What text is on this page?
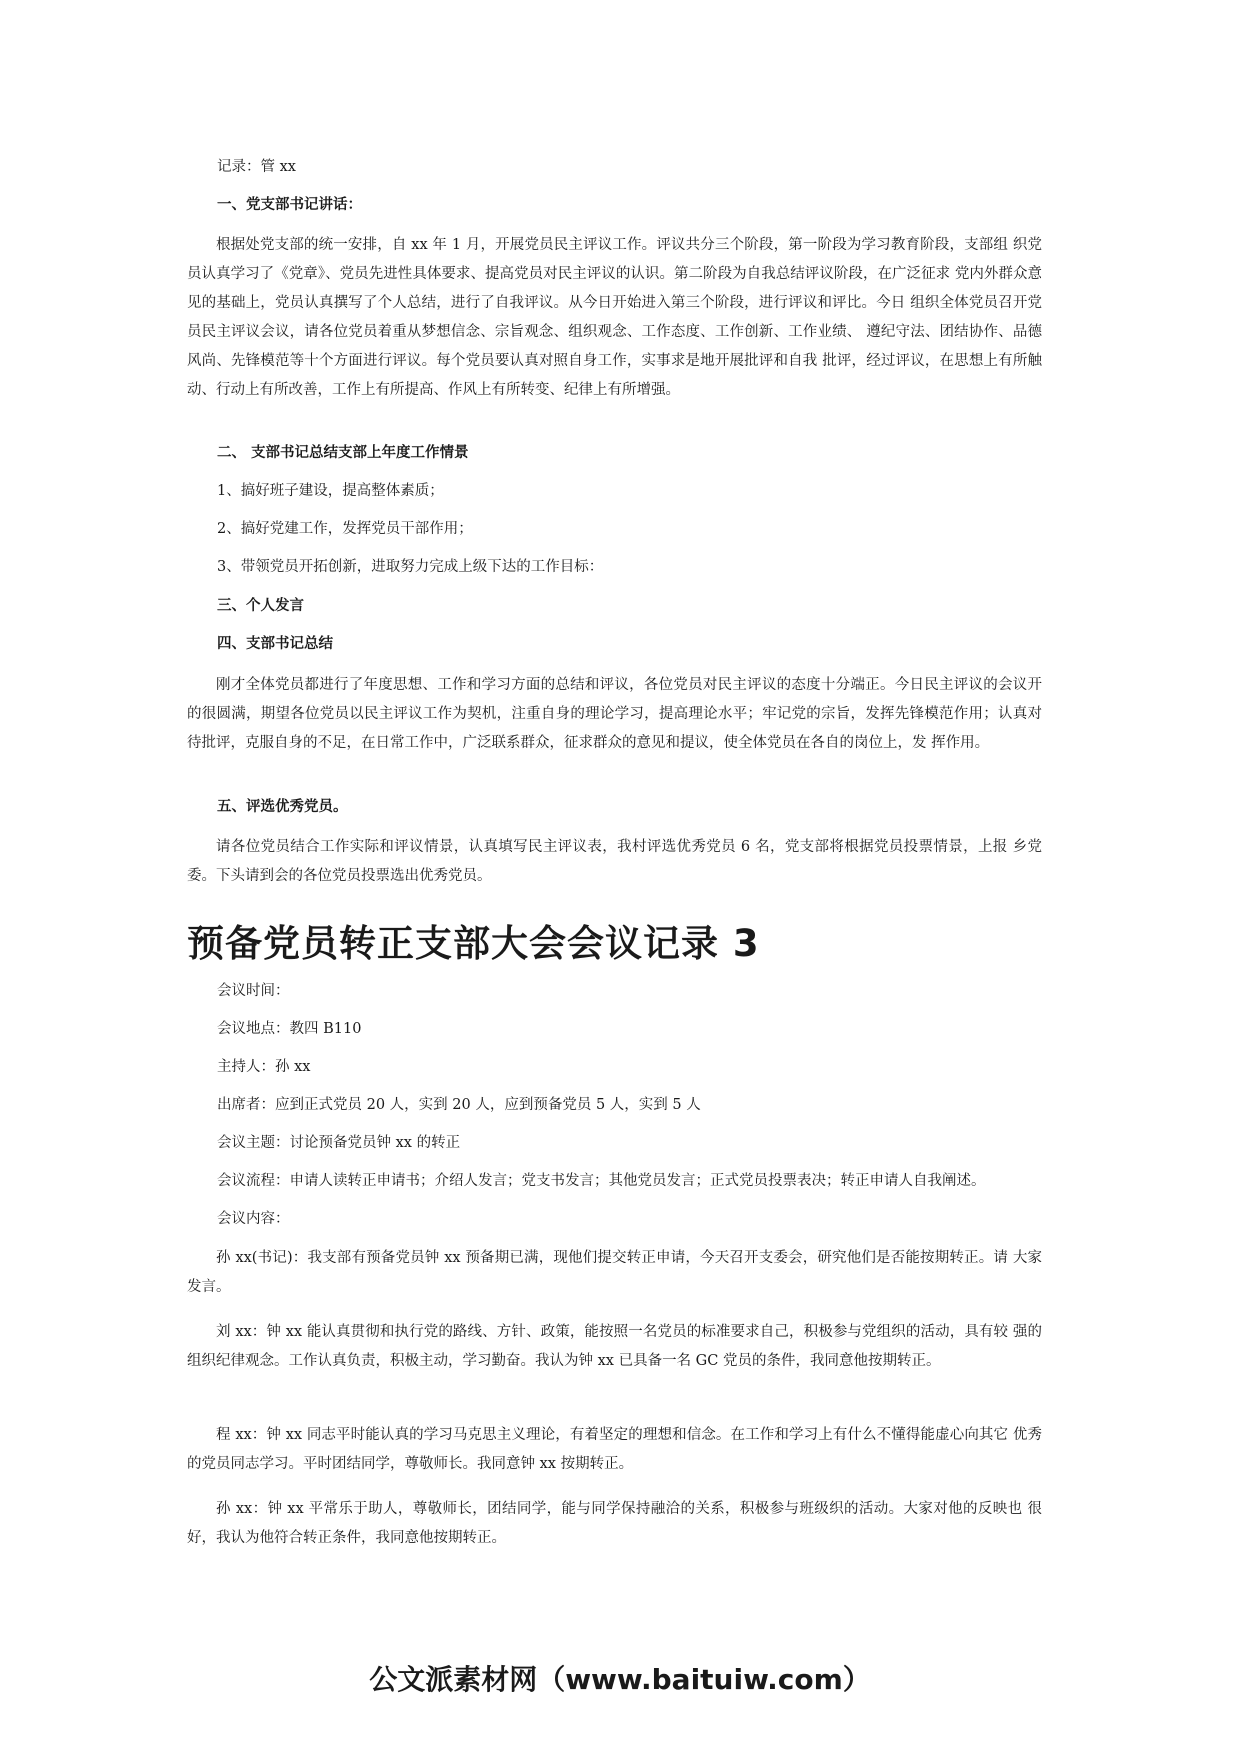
记录：管 xx

一、党支部书记讲话：

根据处党支部的统一安排，自 xx 年 1 月，开展党员民主评议工作。评议共分三个阶段，第一阶段为学习教育阶段，支部组 织党员认真学习了《党章》、党员先进性具体要求、提高党员对民主评议的认识。第二阶段为自我总结评议阶段，在广泛征求 党内外群众意见的基础上，党员认真撰写了个人总结，进行了自我评议。从今日开始进入第三个阶段，进行评议和评比。今日 组织全体党员召开党员民主评议会议，请各位党员着重从梦想信念、宗旨观念、组织观念、工作态度、工作创新、工作业绩、 遵纪守法、团结协作、品德风尚、先锋模范等十个方面进行评议。每个党员要认真对照自身工作，实事求是地开展批评和自我 批评，经过评议，在思想上有所触动、行动上有所改善，工作上有所提高、作风上有所转变、纪律上有所增强。

二、 支部书记总结支部上年度工作情景

1、搞好班子建设，提高整体素质；

2、搞好党建工作，发挥党员干部作用；

3、带领党员开拓创新，进取努力完成上级下达的工作目标：

三、个人发言

四、支部书记总结

刚才全体党员都进行了年度思想、工作和学习方面的总结和评议，各位党员对民主评议的态度十分端正。今日民主评议的会议开的很圆满，期望各位党员以民主评议工作为契机，注重自身的理论学习，提高理论水平；牢记党的宗旨，发挥先锋模范作用；认真对待批评，克服自身的不足，在日常工作中，广泛联系群众，征求群众的意见和提议，使全体党员在各自的岗位上，发 挥作用。

五、评选优秀党员。

请各位党员结合工作实际和评议情景，认真填写民主评议表，我村评选优秀党员 6 名，党支部将根据党员投票情景，上报 乡党委。下头请到会的各位党员投票选出优秀党员。

预备党员转正支部大会会议记录 3

会议时间：

会议地点：教四 B110

主持人：孙 xx

出席者：应到正式党员 20 人，实到 20 人，应到预备党员 5 人，实到 5 人

会议主题：讨论预备党员钟 xx 的转正

会议流程：申请人读转正申请书；介绍人发言；党支书发言；其他党员发言；正式党员投票表决；转正申请人自我阐述。

会议内容：

孙 xx(书记)：我支部有预备党员钟 xx 预备期已满，现他们提交转正申请，今天召开支委会，研究他们是否能按期转正。请 大家发言。

刘 xx：钟 xx 能认真贯彻和执行党的路线、方针、政策，能按照一名党员的标准要求自己，积极参与党组织的活动，具有较 强的组织纪律观念。工作认真负责，积极主动，学习勤奋。我认为钟 xx 已具备一名 GC 党员的条件，我同意他按期转正。

程 xx：钟 xx 同志平时能认真的学习马克思主义理论，有着坚定的理想和信念。在工作和学习上有什么不懂得能虚心向其它 优秀的党员同志学习。平时团结同学，尊敬师长。我同意钟 xx 按期转正。

孙 xx：钟 xx 平常乐于助人，尊敬师长，团结同学，能与同学保持融洽的关系，积极参与班级织的活动。大家对他的反映也 很好，我认为他符合转正条件，我同意他按期转正。

公文派素材网（www.baituiw.com）
